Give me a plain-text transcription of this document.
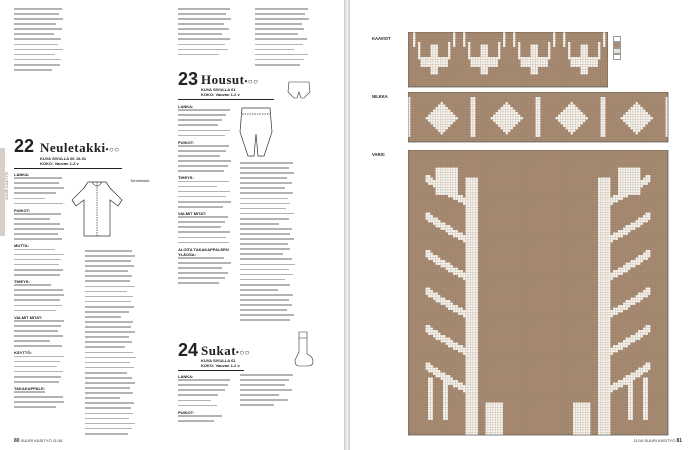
SUURI KÄSITYÖ
22 Neuletakki•○○
KUVA SIVULLA 60 JA 61
KOKO: Vauvan 1-2 v

LANKA:

PUIKOT:

MUTTA:

TIHEYS:

VALMIT MITAT:

KÄYTTÖ:

TAKAKAPPALE:

Neuletakki
23 Housut•○○
KUVA SIVULLA 61
KOKO: Vauvan 1-2 v

LANKA:

PUIKOT:

TIHEYS:

VALMIT MITAT:

ALOITA TAKAKAPPALEEN YLÄOSA:

24 Sukat•○○
KUVA SIVULLA 61
KOKO: Vauvan 1-2 v

LANKA:

PUIKOT:

80 SUURI KÄSITYÖ 11/16
KAAVIOT
NILKKA
VARSI
11/16 SUURI KÄSITYÖ 81
